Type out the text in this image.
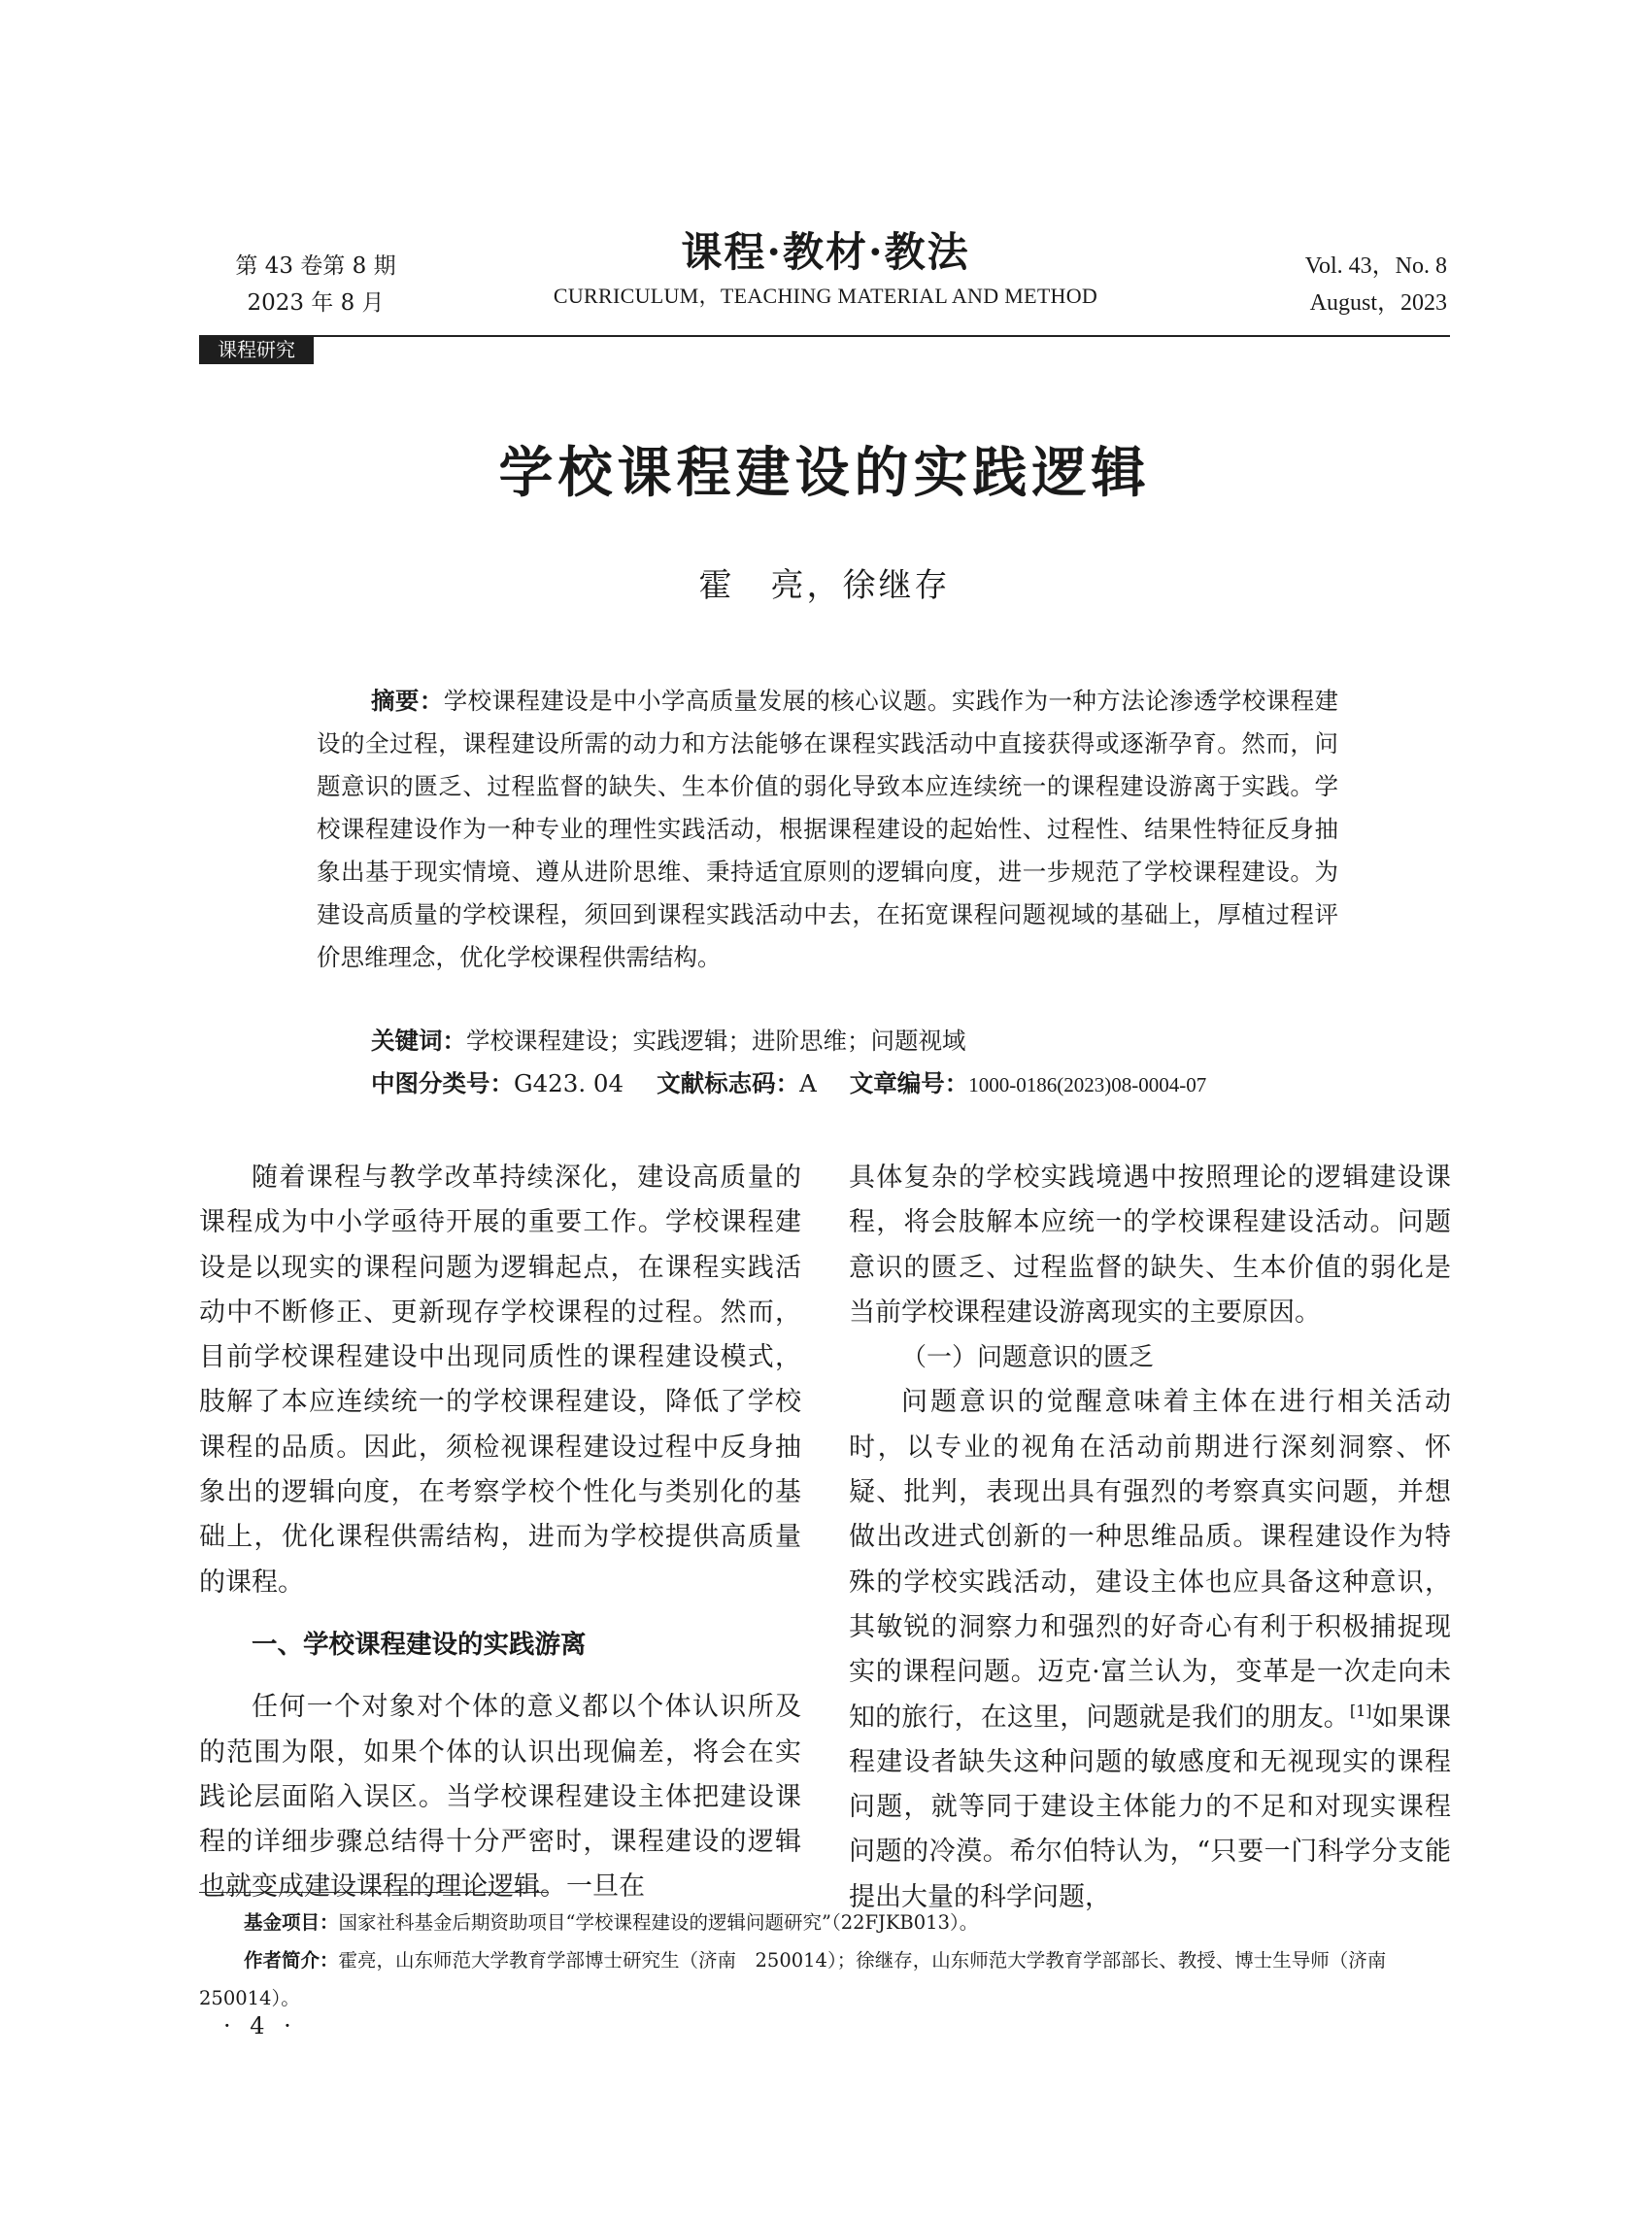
第 43 卷第 8 期
2023 年 8 月
课程·教材·教法
CURRICULUM，TEACHING MATERIAL AND METHOD
Vol. 43，No. 8
August，2023
课程研究
学校课程建设的实践逻辑
霍　亮，徐继存
摘要：学校课程建设是中小学高质量发展的核心议题。实践作为一种方法论渗透学校课程建设的全过程，课程建设所需的动力和方法能够在课程实践活动中直接获得或逐渐孕育。然而，问题意识的匮乏、过程监督的缺失、生本价值的弱化导致本应连续统一的课程建设游离于实践。学校课程建设作为一种专业的理性实践活动，根据课程建设的起始性、过程性、结果性特征反身抽象出基于现实情境、遵从进阶思维、秉持适宜原则的逻辑向度，进一步规范了学校课程建设。为建设高质量的学校课程，须回到课程实践活动中去，在拓宽课程问题视域的基础上，厚植过程评价思维理念，优化学校课程供需结构。
关键词：学校课程建设；实践逻辑；进阶思维；问题视域
中图分类号：G423. 04 文献标志码：A 文章编号：1000-0186(2023)08-0004-07

随着课程与教学改革持续深化，建设高质量的课程成为中小学亟待开展的重要工作。学校课程建设是以现实的课程问题为逻辑起点，在课程实践活动中不断修正、更新现存学校课程的过程。然而，目前学校课程建设中出现同质性的课程建设模式，肢解了本应连续统一的学校课程建设，降低了学校课程的品质。因此，须检视课程建设过程中反身抽象出的逻辑向度，在考察学校个性化与类别化的基础上，优化课程供需结构，进而为学校提供高质量的课程。

一、学校课程建设的实践游离

任何一个对象对个体的意义都以个体认识所及的范围为限，如果个体的认识出现偏差，将会在实践论层面陷入误区。当学校课程建设主体把建设课程的详细步骤总结得十分严密时，课程建设的逻辑也就变成建设课程的理论逻辑。一旦在

具体复杂的学校实践境遇中按照理论的逻辑建设课程，将会肢解本应统一的学校课程建设活动。问题意识的匮乏、过程监督的缺失、生本价值的弱化是当前学校课程建设游离现实的主要原因。

（一）问题意识的匮乏

问题意识的觉醒意味着主体在进行相关活动时，以专业的视角在活动前期进行深刻洞察、怀疑、批判，表现出具有强烈的考察真实问题，并想做出改进式创新的一种思维品质。课程建设作为特殊的学校实践活动，建设主体也应具备这种意识，其敏锐的洞察力和强烈的好奇心有利于积极捕捉现实的课程问题。迈克·富兰认为，变革是一次走向未知的旅行，在这里，问题就是我们的朋友。[1]如果课程建设者缺失这种问题的敏感度和无视现实的课程问题，就等同于建设主体能力的不足和对现实课程问题的冷漠。希尔伯特认为，“只要一门科学分支能提出大量的科学问题，

基金项目：国家社科基金后期资助项目“学校课程建设的逻辑问题研究”（22FJKB013）。

作者简介：霍亮，山东师范大学教育学部博士研究生（济南　250014）；徐继存，山东师范大学教育学部部长、教授、博士生导师（济南　250014）。

· 4 ·
